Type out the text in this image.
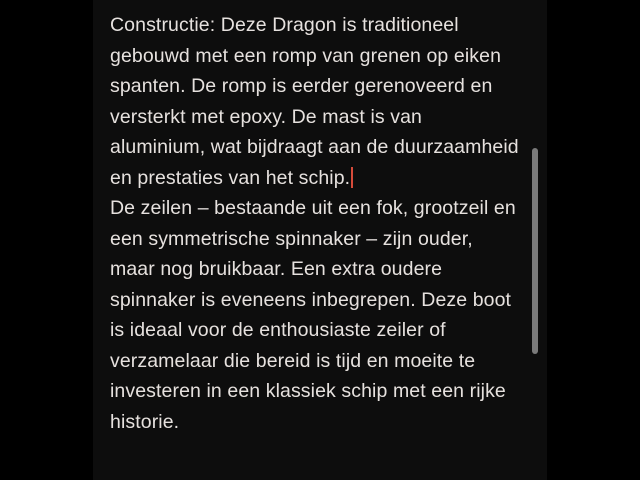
Constructie: Deze Dragon is traditioneel gebouwd met een romp van grenen op eiken spanten. De romp is eerder gerenoveerd en versterkt met epoxy. De mast is van aluminium, wat bijdraagt aan de duurzaamheid en prestaties van het schip.

De zeilen – bestaande uit een fok, grootzeil en een symmetrische spinnaker – zijn ouder, maar nog bruikbaar. Een extra oudere spinnaker is eveneens inbegrepen. Deze boot is ideaal voor de enthousiaste zeiler of verzamelaar die bereid is tijd en moeite te investeren in een klassiek schip met een rijke historie.
